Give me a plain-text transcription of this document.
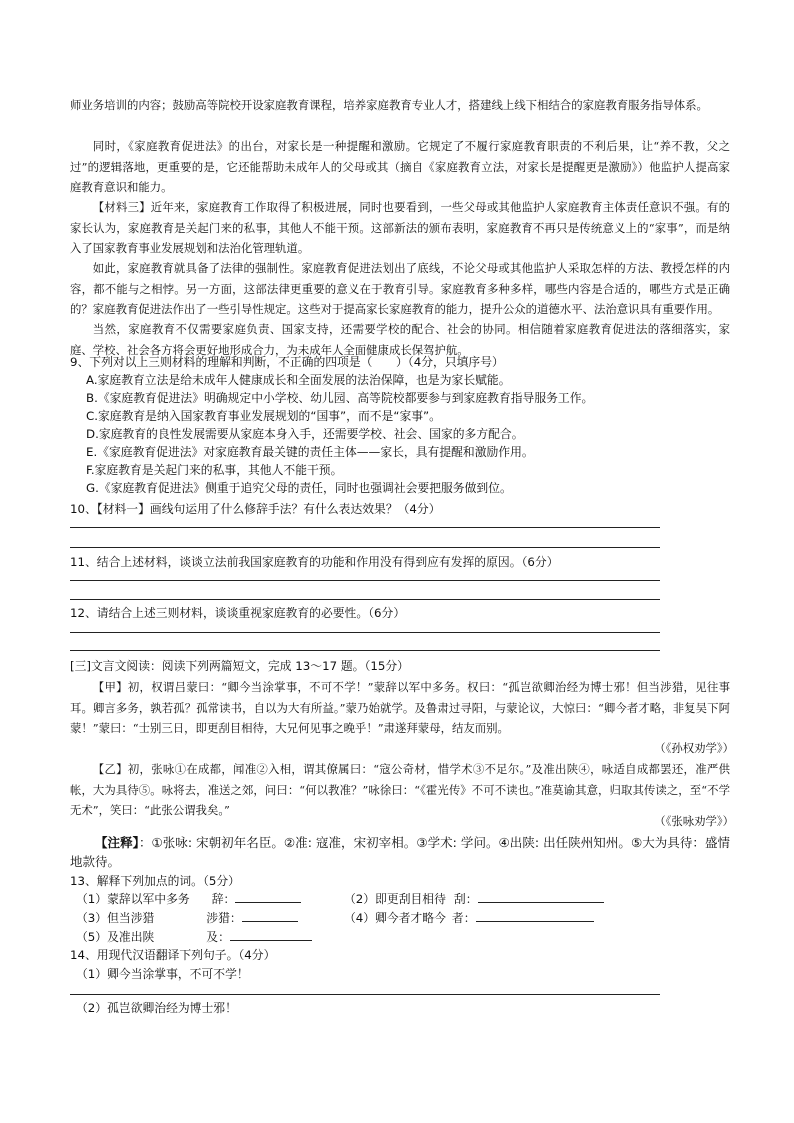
师业务培训的内容；鼓励高等院校开设家庭教育课程，培养家庭教育专业人才，搭建线上线下相结合的家庭教育服务指导体系。

同时，《家庭教育促进法》的出台，对家长是一种提醒和激励。它规定了不履行家庭教育职责的不利后果，让“养不教，父之过”的逻辑落地，更重要的是，它还能帮助未成年人的父母或其（摘自《家庭教育立法，对家长是提醒更是激励》）他监护人提高家庭教育意识和能力。

【材料三】近年来，家庭教育工作取得了积极进展，同时也要看到，一些父母或其他监护人家庭教育主体责任意识不强。有的家长认为，家庭教育是关起门来的私事，其他人不能干预。这部新法的颁布表明，家庭教育不再只是传统意义上的“家事”，而是纳入了国家教育事业发展规划和法治化管理轨道。

如此，家庭教育就具备了法律的强制性。家庭教育促进法划出了底线，不论父母或其他监护人采取怎样的方法、教授怎样的内容，都不能与之相悖。另一方面，这部法律更重要的意义在于教育引导。家庭教育多种多样，哪些内容是合适的，哪些方式是正确的？家庭教育促进法作出了一些引导性规定。这些对于提高家长家庭教育的能力，提升公众的道德水平、法治意识具有重要作用。

当然，家庭教育不仅需要家庭负责、国家支持，还需要学校的配合、社会的协同。相信随着家庭教育促进法的落细落实，家庭、学校、社会各方将会更好地形成合力，为未成年人全面健康成长保驾护航。

9、下列对以上三则材料的理解和判断，不正确的四项是（　　）（4分，只填序号）
A.家庭教育立法是给未成年人健康成长和全面发展的法治保障，也是为家长赋能。
B.《家庭教育促进法》明确规定中小学校、幼儿园、高等院校都要参与到家庭教育指导服务工作。
C.家庭教育是纳入国家教育事业发展规划的“国事”，而不是“家事”。
D.家庭教育的良性发展需要从家庭本身入手，还需要学校、社会、国家的多方配合。
E.《家庭教育促进法》对家庭教育最关键的责任主体——家长，具有提醒和激励作用。
F.家庭教育是关起门来的私事，其他人不能干预。
G.《家庭教育促进法》侧重于追究父母的责任，同时也强调社会要把服务做到位。
10、【材料一】画线句运用了什么修辞手法？有什么表达效果？（4分）
11、结合上述材料，谈谈立法前我国家庭教育的功能和作用没有得到应有发挥的原因。（6分）
12、请结合上述三则材料，谈谈重视家庭教育的必要性。（6分）
[三]文言文阅读：阅读下列两篇短文，完成 13～17 题。（15分）

【甲】初，权谓吕蒙曰：“卿今当涂掌事，不可不学！”蒙辞以军中多务。权曰：“孤岂欲卿治经为博士邪！但当涉猎，见往事耳。卿言多务，孰若孤？孤常读书，自以为大有所益。”蒙乃始就学。及鲁肃过寻阳，与蒙论议，大惊曰：“卿今者才略，非复吴下阿蒙！”蒙曰：“士别三日，即更刮目相待，大兄何见事之晚乎！”肃遂拜蒙母，结友而别。

（《孙权劝学》）

【乙】初，张咏①在成都，闻准②入相，谓其僚属曰：“寇公奇材，惜学术③不足尔。”及准出陕④，咏适自成都罢还，准严供帐，大为具待⑤。咏将去，准送之郊，问曰：“何以教准？”咏徐曰：“《霍光传》不可不读也。”准莫谕其意，归取其传读之，至“不学无术”，笑曰：“此张公谓我矣。”

（《张咏劝学》）

【注释】：①张咏: 宋朝初年名臣。②准: 寇准，宋初宰相。③学术: 学问。④出陕: 出任陕州知州。⑤大为具待：盛情地款待。

13、解释下列加点的词。（5分）
（1）蒙辞以军中多务 辞：	（2）即更刮目相待 刮：
（3）但当涉猎	涉猎：	（4）卿今者才略今 者：
（5）及准出陕	及：
14、用现代汉语翻译下列句子。（4分）
（1）卿今当涂掌事，不可不学！
（2）孤岂欲卿治经为博士邪！
